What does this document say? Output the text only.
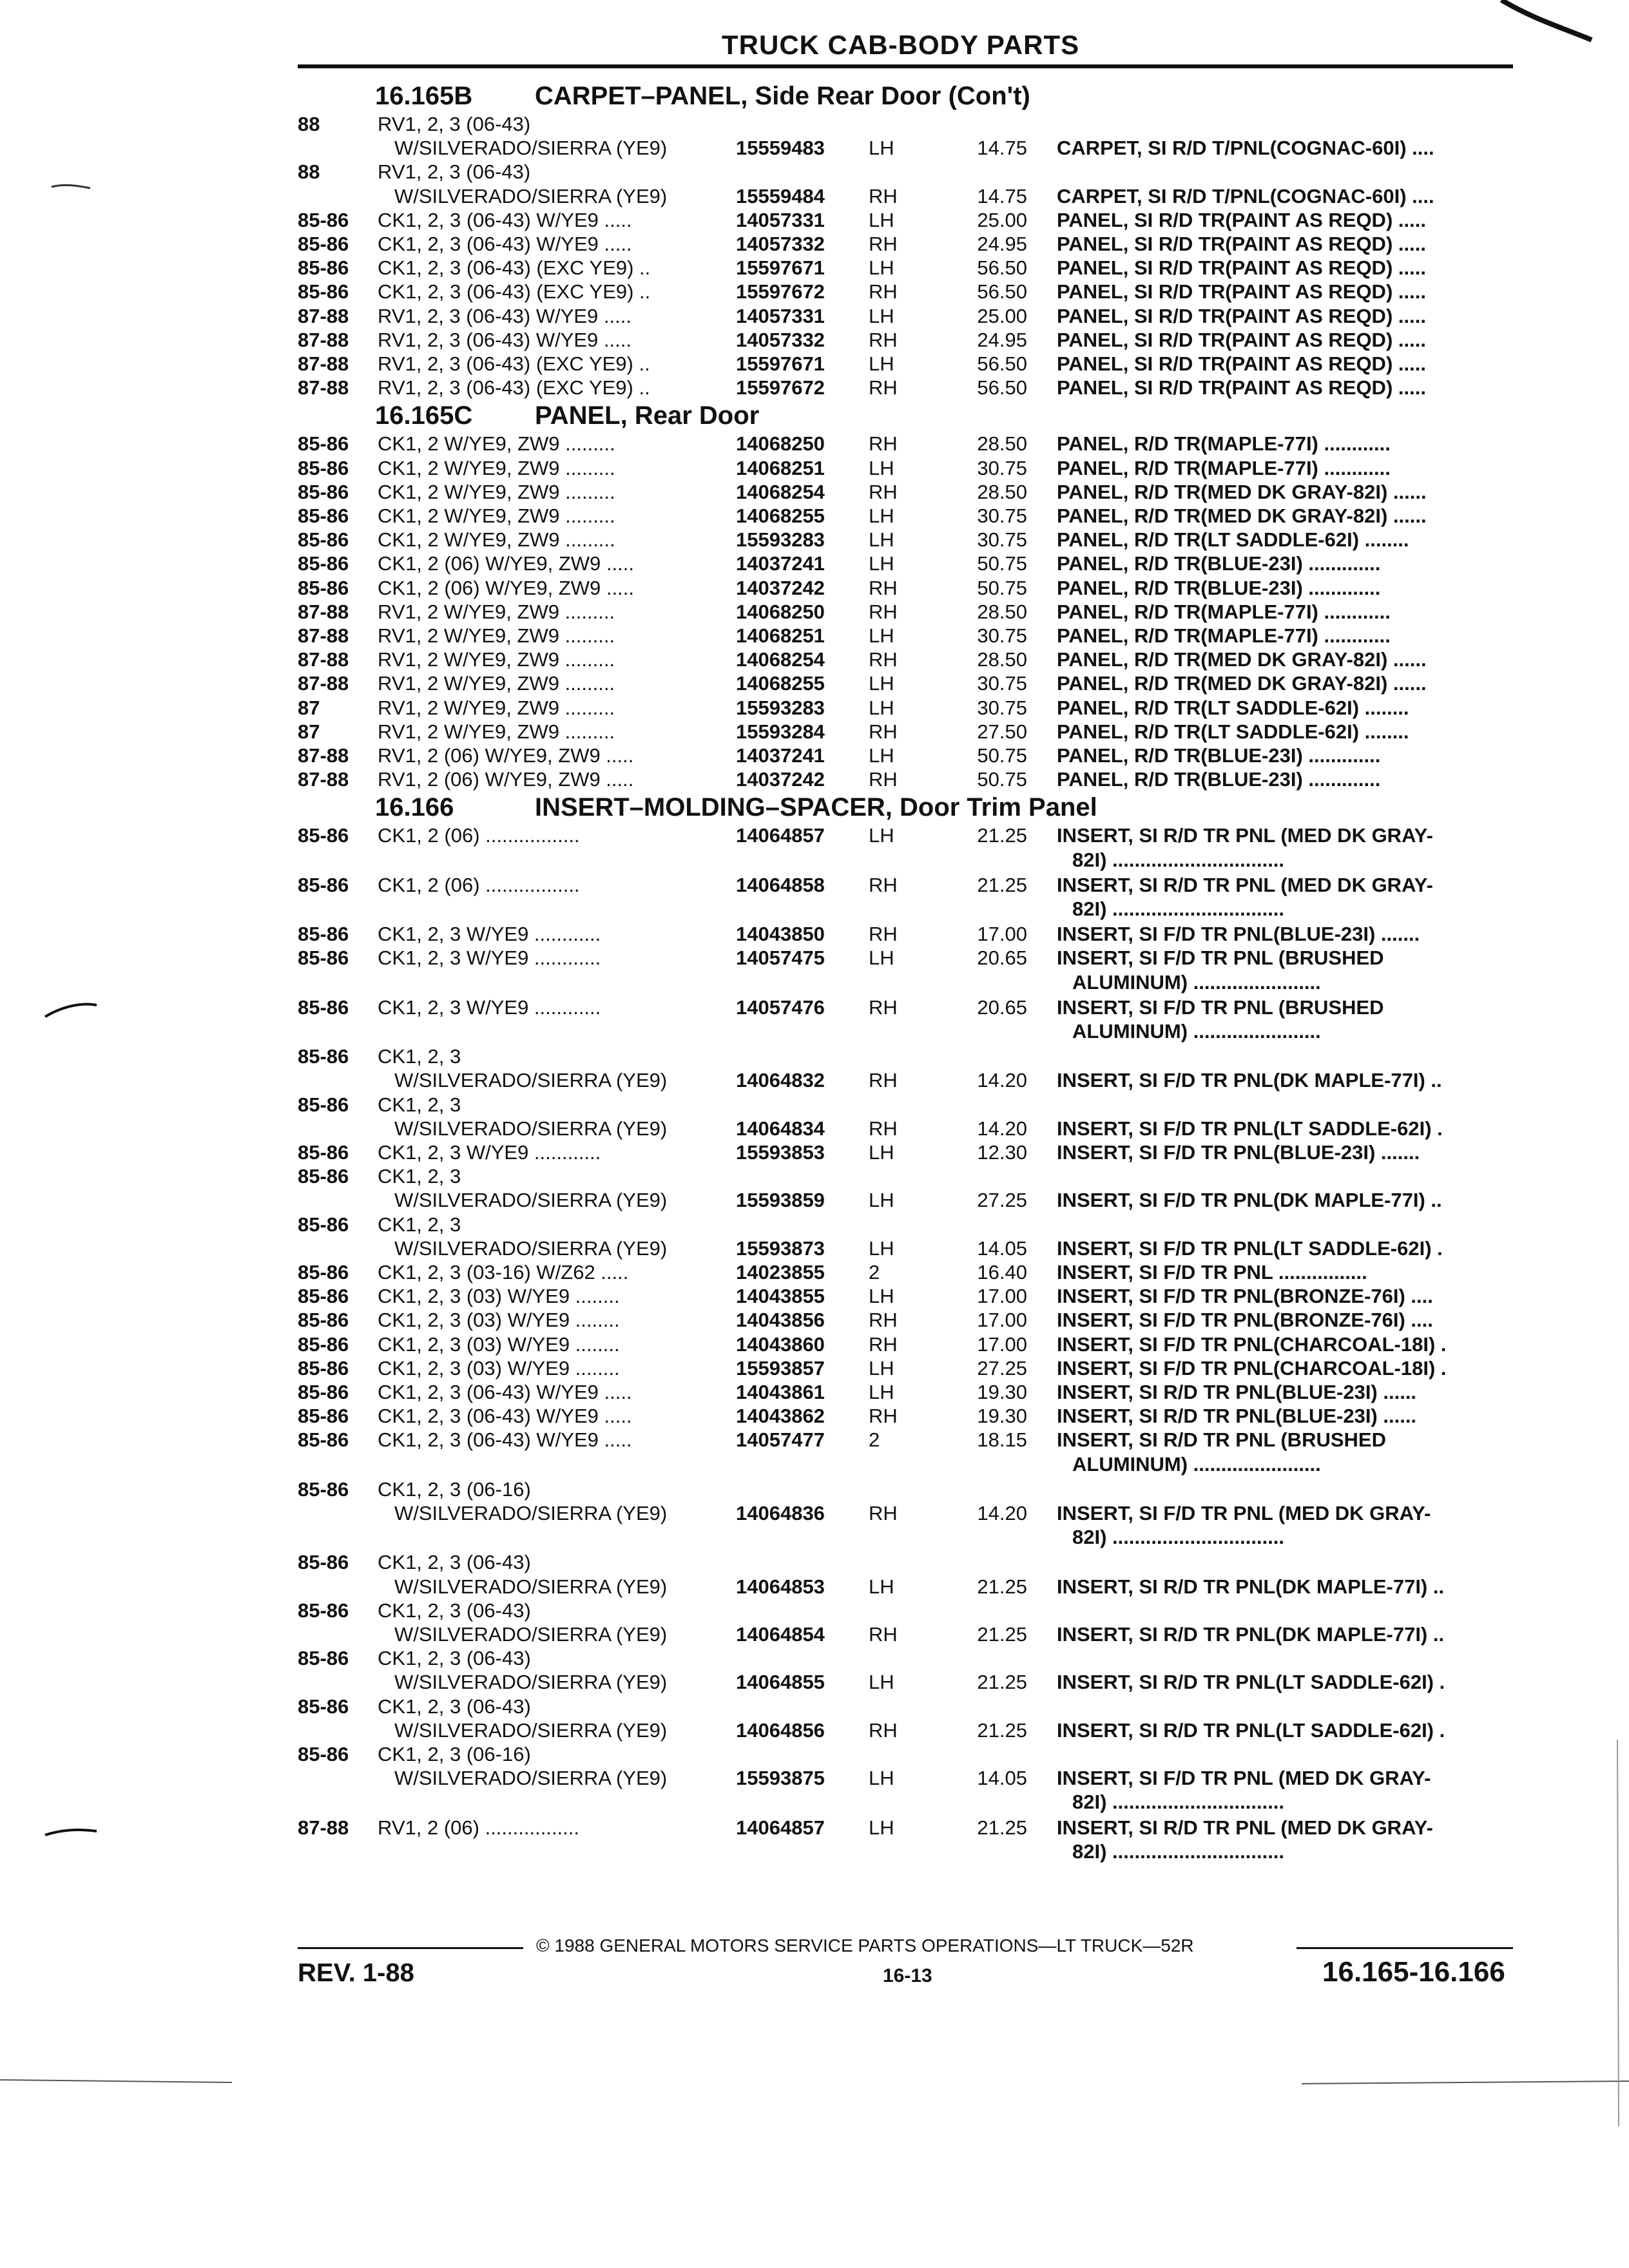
TRUCK CAB-BODY PARTS
16.165B CARPET–PANEL, Side Rear Door (Con't)
88	RV1, 2, 3 (06-43)
W/SILVERADO/SIERRA (YE9)	15559483 LH	14.75 CARPET, SI R/D T/PNL(COGNAC-60I) ....
88	RV1, 2, 3 (06-43)
W/SILVERADO/SIERRA (YE9)	15559484 RH	14.75 CARPET, SI R/D T/PNL(COGNAC-60I) ....
85-86 CK1, 2, 3 (06-43) W/YE9 .....	14057331 LH	25.00 PANEL, SI R/D TR(PAINT AS REQD) .....
85-86 CK1, 2, 3 (06-43) W/YE9 .....	14057332 RH	24.95 PANEL, SI R/D TR(PAINT AS REQD) .....
85-86 CK1, 2, 3 (06-43) (EXC YE9) ..	15597671 LH	56.50 PANEL, SI R/D TR(PAINT AS REQD) .....
85-86 CK1, 2, 3 (06-43) (EXC YE9) ..	15597672 RH	56.50 PANEL, SI R/D TR(PAINT AS REQD) .....
87-88 RV1, 2, 3 (06-43) W/YE9 .....	14057331 LH	25.00 PANEL, SI R/D TR(PAINT AS REQD) .....
87-88 RV1, 2, 3 (06-43) W/YE9 .....	14057332 RH	24.95 PANEL, SI R/D TR(PAINT AS REQD) .....
87-88 RV1, 2, 3 (06-43) (EXC YE9) ..	15597671 LH	56.50 PANEL, SI R/D TR(PAINT AS REQD) .....
87-88 RV1, 2, 3 (06-43) (EXC YE9) ..	15597672 RH	56.50 PANEL, SI R/D TR(PAINT AS REQD) .....
16.165C PANEL, Rear Door
85-86 CK1, 2 W/YE9, ZW9 .........	14068250 RH	28.50 PANEL, R/D TR(MAPLE-77I) ............
85-86 CK1, 2 W/YE9, ZW9 .........	14068251 LH	30.75 PANEL, R/D TR(MAPLE-77I) ............
85-86 CK1, 2 W/YE9, ZW9 .........	14068254 RH	28.50 PANEL, R/D TR(MED DK GRAY-82I) ......
85-86 CK1, 2 W/YE9, ZW9 .........	14068255 LH	30.75 PANEL, R/D TR(MED DK GRAY-82I) ......
85-86 CK1, 2 W/YE9, ZW9 .........	15593283 LH	30.75 PANEL, R/D TR(LT SADDLE-62I) ........
85-86 CK1, 2 (06) W/YE9, ZW9 .....	14037241 LH	50.75 PANEL, R/D TR(BLUE-23I) .............
85-86 CK1, 2 (06) W/YE9, ZW9 .....	14037242 RH	50.75 PANEL, R/D TR(BLUE-23I) .............
87-88 RV1, 2 W/YE9, ZW9 .........	14068250 RH	28.50 PANEL, R/D TR(MAPLE-77I) ............
87-88 RV1, 2 W/YE9, ZW9 .........	14068251 LH	30.75 PANEL, R/D TR(MAPLE-77I) ............
87-88 RV1, 2 W/YE9, ZW9 .........	14068254 RH	28.50 PANEL, R/D TR(MED DK GRAY-82I) ......
87-88 RV1, 2 W/YE9, ZW9 .........	14068255 LH	30.75 PANEL, R/D TR(MED DK GRAY-82I) ......
87	RV1, 2 W/YE9, ZW9 .........	15593283 LH	30.75 PANEL, R/D TR(LT SADDLE-62I) ........
87	RV1, 2 W/YE9, ZW9 .........	15593284 RH	27.50 PANEL, R/D TR(LT SADDLE-62I) ........
87-88 RV1, 2 (06) W/YE9, ZW9 .....	14037241 LH	50.75 PANEL, R/D TR(BLUE-23I) .............
87-88 RV1, 2 (06) W/YE9, ZW9 .....	14037242 RH	50.75 PANEL, R/D TR(BLUE-23I) .............
16.166	INSERT–MOLDING–SPACER, Door Trim Panel
85-86 CK1, 2 (06) .................	14064857 LH	21.25 INSERT, SI R/D TR PNL (MED DK GRAY-
82I) ...............................
85-86 CK1, 2 (06) .................	14064858 RH	21.25 INSERT, SI R/D TR PNL (MED DK GRAY-
82I) ...............................
85-86 CK1, 2, 3 W/YE9 ............	14043850 RH	17.00 INSERT, SI F/D TR PNL(BLUE-23I) .......
85-86 CK1, 2, 3 W/YE9 ............	14057475 LH	20.65 INSERT, SI F/D TR PNL (BRUSHED
ALUMINUM) .......................
85-86 CK1, 2, 3 W/YE9 ............	14057476 RH	20.65 INSERT, SI F/D TR PNL (BRUSHED
ALUMINUM) .......................
85-86 CK1, 2, 3
W/SILVERADO/SIERRA (YE9)	14064832 RH	14.20 INSERT, SI F/D TR PNL(DK MAPLE-77I) ..
85-86 CK1, 2, 3
W/SILVERADO/SIERRA (YE9)	14064834 RH	14.20 INSERT, SI F/D TR PNL(LT SADDLE-62I) .
85-86 CK1, 2, 3 W/YE9 ............	15593853 LH	12.30 INSERT, SI F/D TR PNL(BLUE-23I) .......
85-86 CK1, 2, 3
W/SILVERADO/SIERRA (YE9)	15593859 LH	27.25 INSERT, SI F/D TR PNL(DK MAPLE-77I) ..
85-86 CK1, 2, 3
W/SILVERADO/SIERRA (YE9)	15593873 LH	14.05 INSERT, SI F/D TR PNL(LT SADDLE-62I) .
85-86 CK1, 2, 3 (03-16) W/Z62 .....	14023855 2	16.40 INSERT, SI F/D TR PNL ................
85-86 CK1, 2, 3 (03) W/YE9 ........	14043855 LH	17.00 INSERT, SI F/D TR PNL(BRONZE-76I) ....
85-86 CK1, 2, 3 (03) W/YE9 ........	14043856 RH	17.00 INSERT, SI F/D TR PNL(BRONZE-76I) ....
85-86 CK1, 2, 3 (03) W/YE9 ........	14043860 RH	17.00 INSERT, SI F/D TR PNL(CHARCOAL-18I) .
85-86 CK1, 2, 3 (03) W/YE9 ........	15593857 LH	27.25 INSERT, SI F/D TR PNL(CHARCOAL-18I) .
85-86 CK1, 2, 3 (06-43) W/YE9 .....	14043861 LH	19.30 INSERT, SI R/D TR PNL(BLUE-23I) ......
85-86 CK1, 2, 3 (06-43) W/YE9 .....	14043862 RH	19.30 INSERT, SI R/D TR PNL(BLUE-23I) ......
85-86 CK1, 2, 3 (06-43) W/YE9 .....	14057477 2	18.15 INSERT, SI R/D TR PNL (BRUSHED
ALUMINUM) .......................
85-86 CK1, 2, 3 (06-16)
W/SILVERADO/SIERRA (YE9)	14064836 RH	14.20 INSERT, SI F/D TR PNL (MED DK GRAY-
82I) ...............................
85-86 CK1, 2, 3 (06-43)
W/SILVERADO/SIERRA (YE9)	14064853 LH	21.25 INSERT, SI R/D TR PNL(DK MAPLE-77I) ..
85-86 CK1, 2, 3 (06-43)
W/SILVERADO/SIERRA (YE9)	14064854 RH	21.25 INSERT, SI R/D TR PNL(DK MAPLE-77I) ..
85-86 CK1, 2, 3 (06-43)
W/SILVERADO/SIERRA (YE9)	14064855 LH	21.25 INSERT, SI R/D TR PNL(LT SADDLE-62I) .
85-86 CK1, 2, 3 (06-43)
W/SILVERADO/SIERRA (YE9)	14064856 RH	21.25 INSERT, SI R/D TR PNL(LT SADDLE-62I) .
85-86 CK1, 2, 3 (06-16)
W/SILVERADO/SIERRA (YE9)	15593875 LH	14.05 INSERT, SI F/D TR PNL (MED DK GRAY-
82I) ...............................
87-88 RV1, 2 (06) .................	14064857 LH	21.25 INSERT, SI R/D TR PNL (MED DK GRAY-
82I) ...............................
© 1988 GENERAL MOTORS SERVICE PARTS OPERATIONS—LT TRUCK—52R
REV. 1-88	16-13	16.165-16.166
